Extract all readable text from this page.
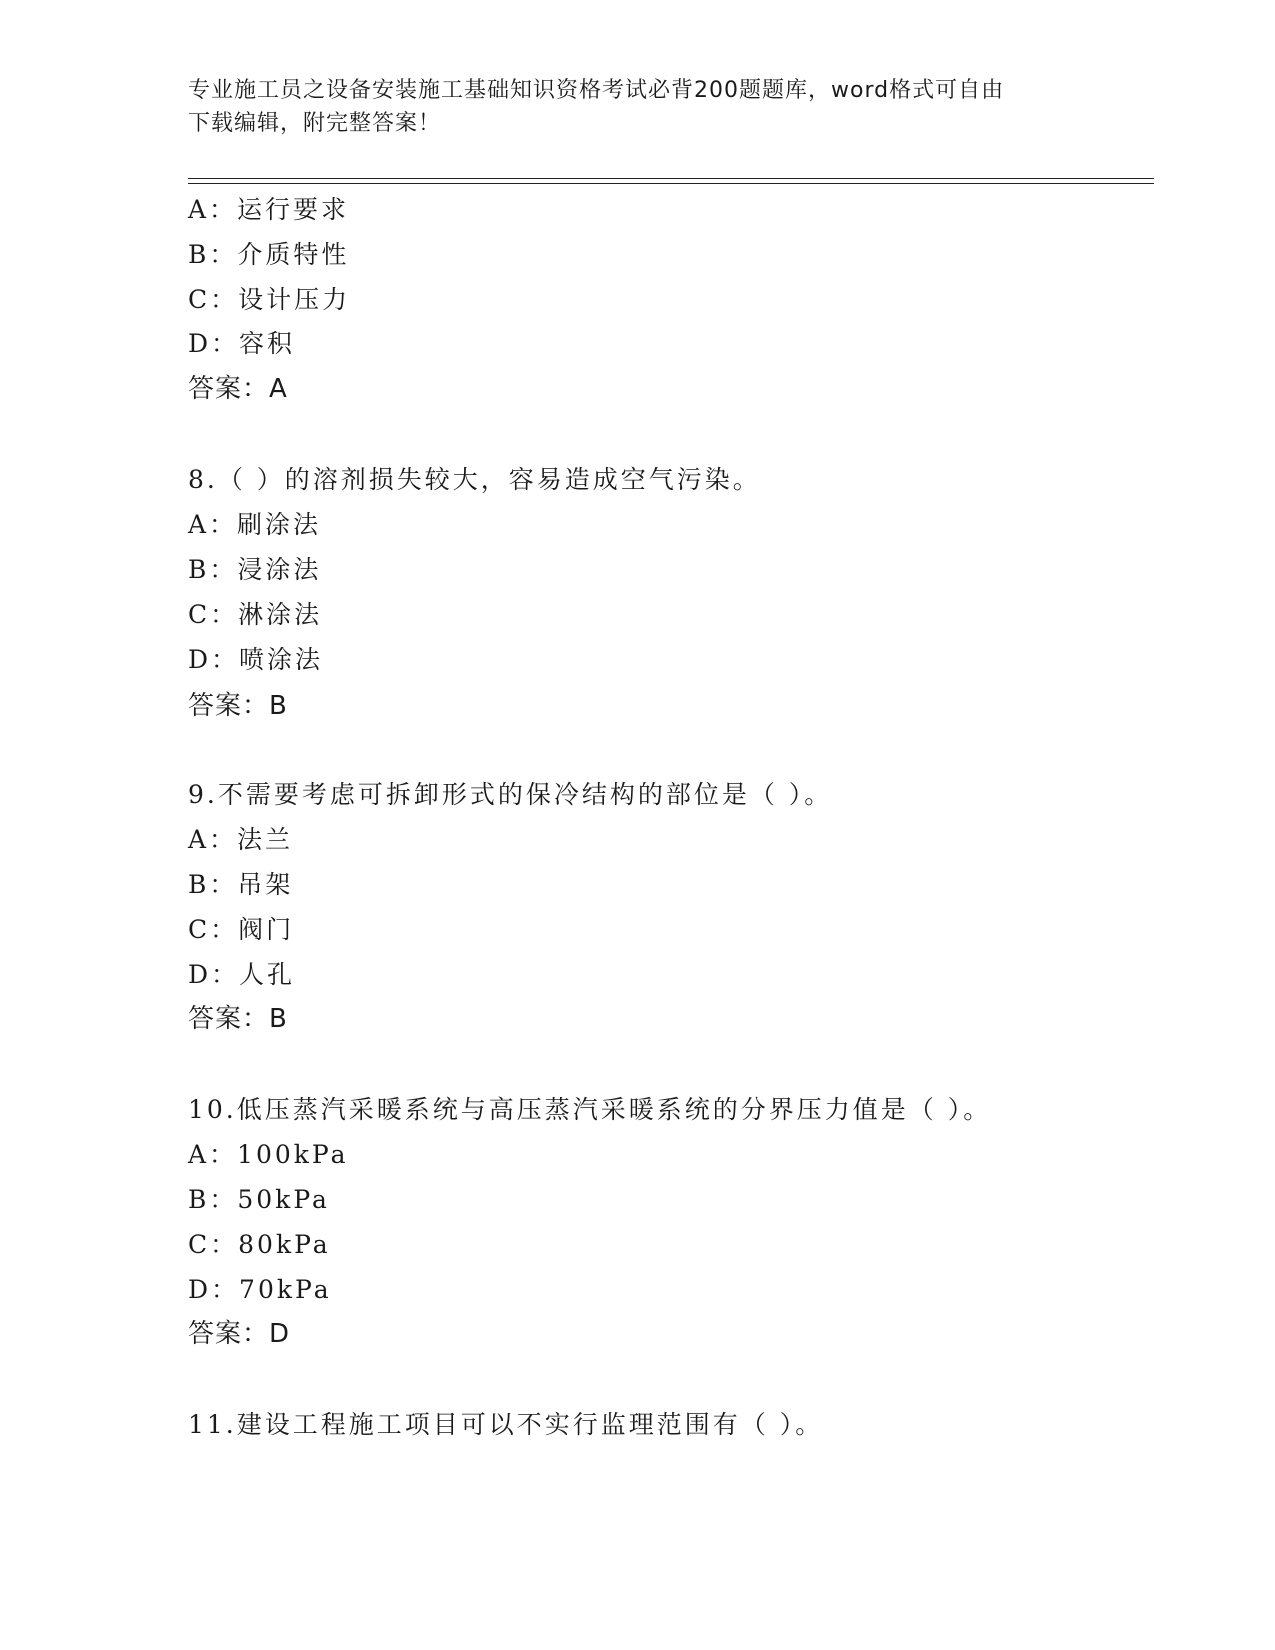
专业施工员之设备安装施工基础知识资格考试必背200题题库，word格式可自由
下载编辑，附完整答案！
A：运行要求
B：介质特性
C：设计压力
D：容积
答案：A
8.（ ）的溶剂损失较大，容易造成空气污染。
A：刷涂法
B：浸涂法
C：淋涂法
D：喷涂法
答案：B
9.不需要考虑可拆卸形式的保冷结构的部位是（ ）。
A：法兰
B：吊架
C：阀门
D：人孔
答案：B
10.低压蒸汽采暖系统与高压蒸汽采暖系统的分界压力值是（ ）。
A：100kPa
B：50kPa
C：80kPa
D：70kPa
答案：D
11.建设工程施工项目可以不实行监理范围有（ ）。
